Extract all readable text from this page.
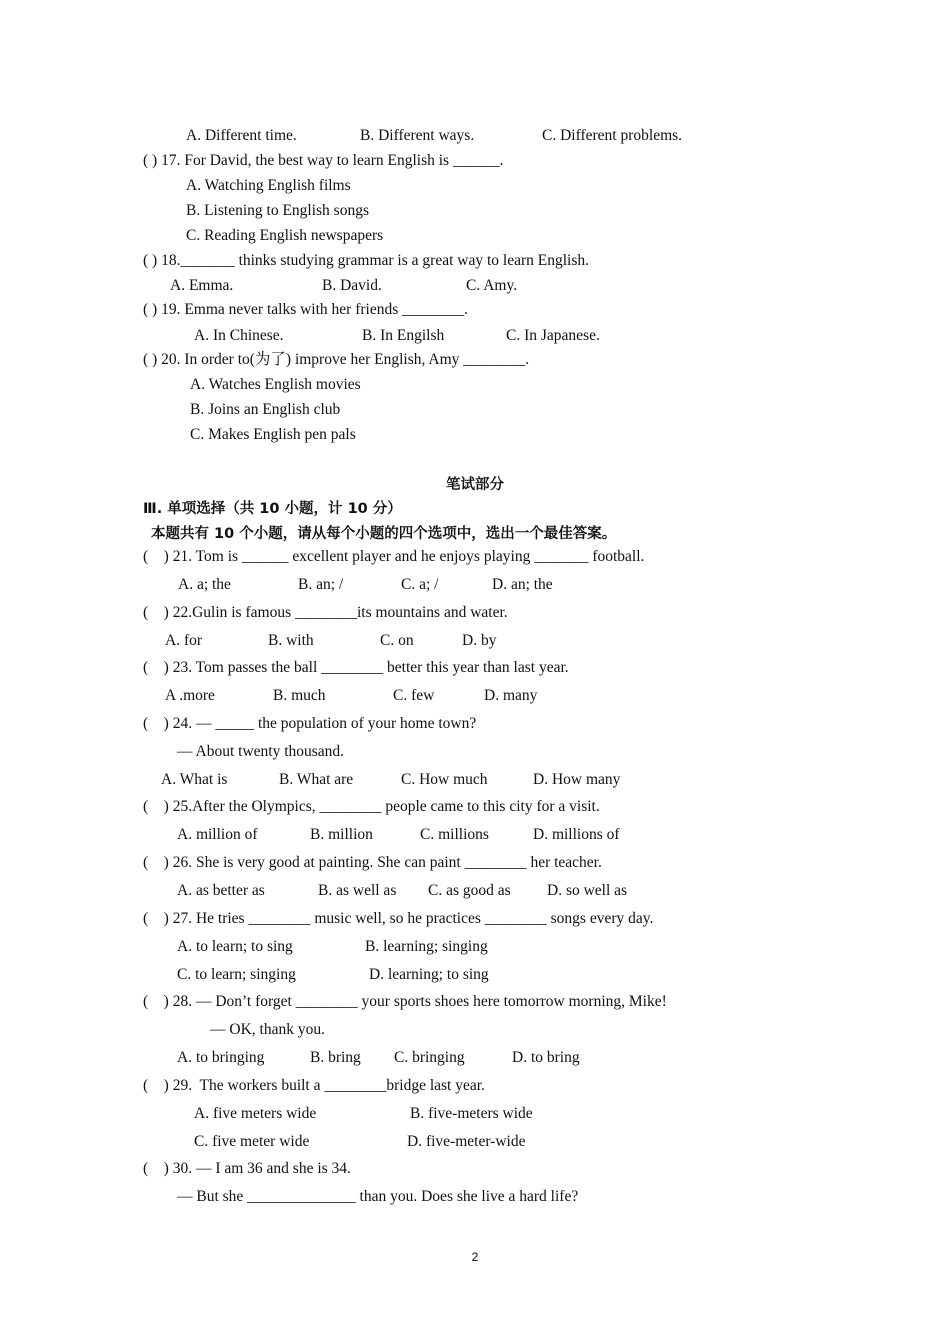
A. Different time.	B. Different ways.	C. Different problems.
( ) 17. For David, the best way to learn English is ______.
A. Watching English films
B. Listening to English songs
C. Reading English newspapers
( ) 18._______ thinks studying grammar is a great way to learn English.
A. Emma.	B. David.	C. Amy.
( ) 19. Emma never talks with her friends ________.
A. In Chinese.	B. In Engilsh	C. In Japanese.
( ) 20. In order to(为了) improve her English, Amy ________.
A. Watches English movies
B. Joins an English club
C. Makes English pen pals
笔试部分
Ⅲ. 单项选择（共 10 小题，计 10 分）
本题共有 10 个小题，请从每个小题的四个选项中，选出一个最佳答案。
(    ) 21. Tom is ______ excellent player and he enjoys playing _______ football.
A. a; the	B. an; /	C. a; /	D. an; the
(    ) 22.Gulin is famous ________its mountains and water.
A. for	B. with	C. on	D. by
(    ) 23. Tom passes the ball ________ better this year than last year.
A .more	B. much	C. few	D. many
(    ) 24. — _____ the population of your home town?
— About twenty thousand.
A. What is	B. What are	C. How much	D. How many
(    ) 25.After the Olympics, ________ people came to this city for a visit.
A. million of	B. million	C. millions	D. millions of
(    ) 26. She is very good at painting. She can paint ________ her teacher.
A. as better as	B. as well as C. as good as D. so well as
(    ) 27. He tries ________ music well, so he practices ________ songs every day.
A. to learn; to sing	B. learning; singing
C. to learn; singing	D. learning; to sing
(    ) 28. — Don’t forget ________ your sports shoes here tomorrow morning, Mike!
— OK, thank you.
A. to bringing	B. bring C. bringing	D. to bring
(    ) 29.  The workers built a ________bridge last year.
A. five meters wide	B. five-meters wide
C. five meter wide	D. five-meter-wide
(    ) 30. — I am 36 and she is 34.
— But she ______________ than you. Does she live a hard life?
2
